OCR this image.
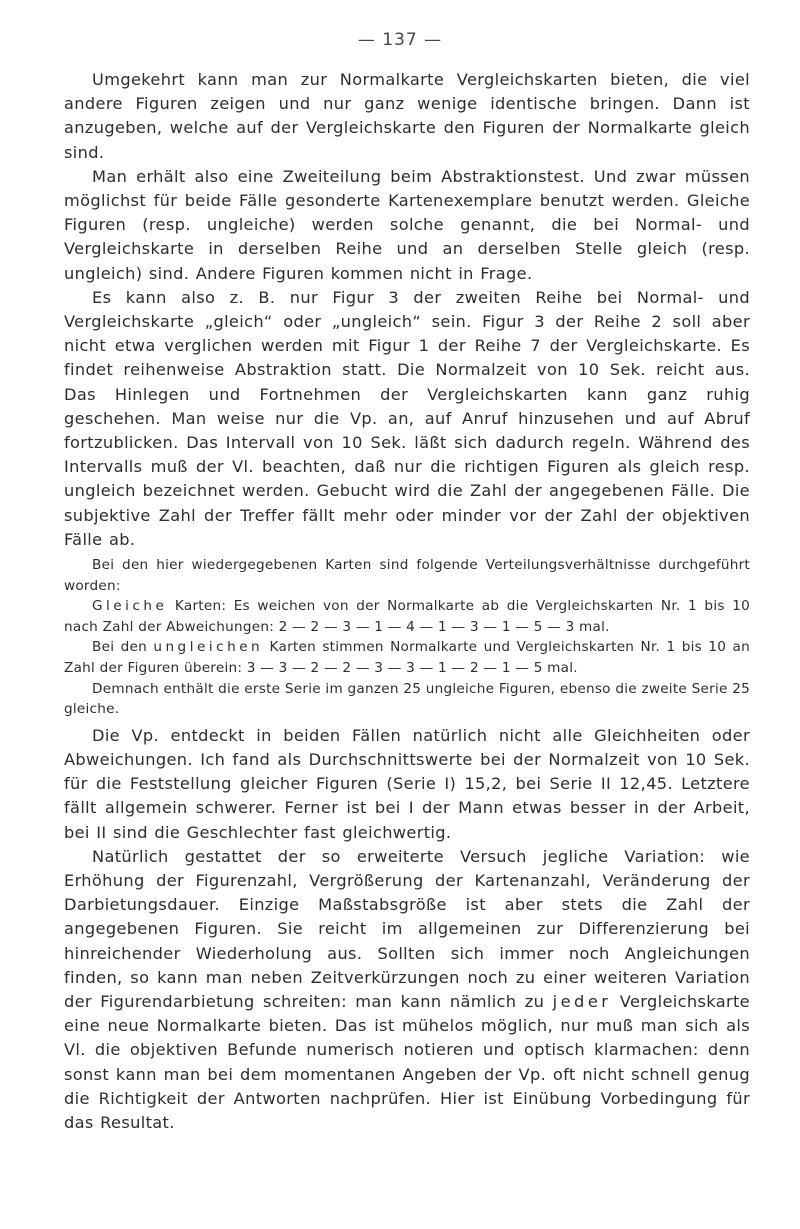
— 137 —

Umgekehrt kann man zur Normalkarte Vergleichskarten bieten, die viel andere Figuren zeigen und nur ganz wenige identische bringen. Dann ist anzugeben, welche auf der Vergleichskarte den Figuren der Normalkarte gleich sind.

Man erhält also eine Zweiteilung beim Abstraktionstest. Und zwar müssen möglichst für beide Fälle gesonderte Kartenexemplare benutzt werden. Gleiche Figuren (resp. ungleiche) werden solche genannt, die bei Normal- und Vergleichskarte in derselben Reihe und an derselben Stelle gleich (resp. ungleich) sind. Andere Figuren kommen nicht in Frage.

Es kann also z. B. nur Figur 3 der zweiten Reihe bei Normal- und Vergleichskarte „gleich“ oder „ungleich“ sein. Figur 3 der Reihe 2 soll aber nicht etwa verglichen werden mit Figur 1 der Reihe 7 der Vergleichskarte. Es findet reihenweise Abstraktion statt. Die Normalzeit von 10 Sek. reicht aus. Das Hinlegen und Fortnehmen der Vergleichskarten kann ganz ruhig geschehen. Man weise nur die Vp. an, auf Anruf hinzusehen und auf Abruf fortzublicken. Das Intervall von 10 Sek. läßt sich dadurch regeln. Während des Intervalls muß der Vl. beachten, daß nur die richtigen Figuren als gleich resp. ungleich bezeichnet werden. Gebucht wird die Zahl der angegebenen Fälle. Die subjektive Zahl der Treffer fällt mehr oder minder vor der Zahl der objektiven Fälle ab.

Bei den hier wiedergegebenen Karten sind folgende Verteilungsverhältnisse durchgeführt worden:

Gleiche Karten: Es weichen von der Normalkarte ab die Vergleichskarten Nr. 1 bis 10 nach Zahl der Abweichungen: 2 — 2 — 3 — 1 — 4 — 1 — 3 — 1 — 5 — 3 mal.

Bei den ungleichen Karten stimmen Normalkarte und Vergleichskarten Nr. 1 bis 10 an Zahl der Figuren überein: 3 — 3 — 2 — 2 — 3 — 3 — 1 — 2 — 1 — 5 mal.

Demnach enthält die erste Serie im ganzen 25 ungleiche Figuren, ebenso die zweite Serie 25 gleiche.

Die Vp. entdeckt in beiden Fällen natürlich nicht alle Gleichheiten oder Abweichungen. Ich fand als Durchschnittswerte bei der Normalzeit von 10 Sek. für die Feststellung gleicher Figuren (Serie I) 15,2, bei Serie II 12,45. Letztere fällt allgemein schwerer. Ferner ist bei I der Mann etwas besser in der Arbeit, bei II sind die Geschlechter fast gleichwertig.

Natürlich gestattet der so erweiterte Versuch jegliche Variation: wie Erhöhung der Figurenzahl, Vergrößerung der Kartenanzahl, Veränderung der Darbietungsdauer. Einzige Maßstabsgröße ist aber stets die Zahl der angegebenen Figuren. Sie reicht im allgemeinen zur Differenzierung bei hinreichender Wiederholung aus. Sollten sich immer noch Angleichungen finden, so kann man neben Zeitverkürzungen noch zu einer weiteren Variation der Figurendarbietung schreiten: man kann nämlich zu jeder Vergleichskarte eine neue Normalkarte bieten. Das ist mühelos möglich, nur muß man sich als Vl. die objektiven Befunde numerisch notieren und optisch klarmachen: denn sonst kann man bei dem momentanen Angeben der Vp. oft nicht schnell genug die Richtigkeit der Antworten nachprüfen. Hier ist Einübung Vorbedingung für das Resultat.
